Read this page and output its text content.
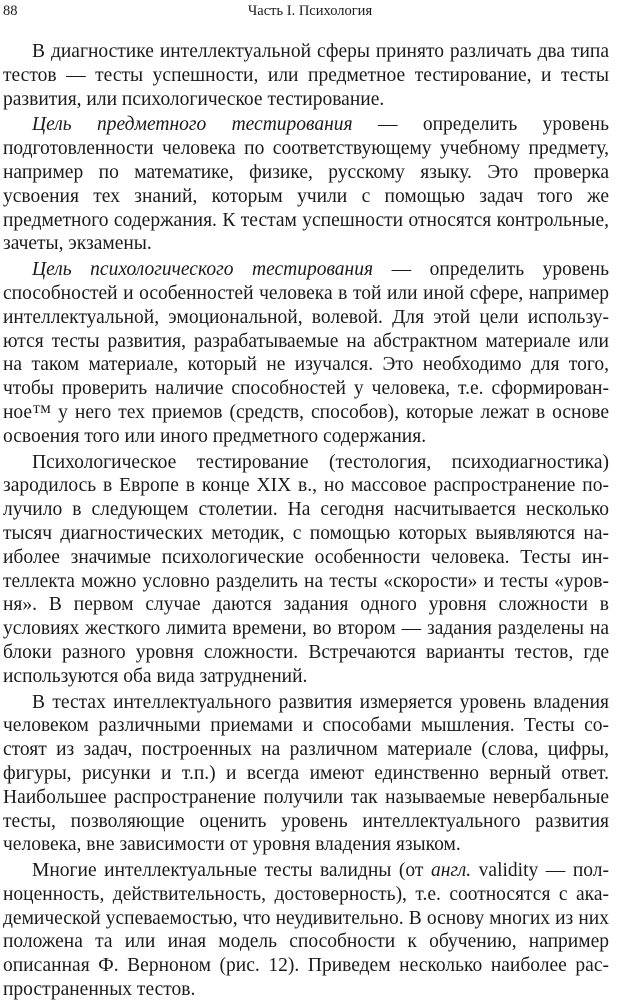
88	Часть I. Психология

В диагностике интеллектуальной сферы принято различать два типа тестов — тесты успешности, или предметное тестирование, и тесты развития, или психологическое тестирование.

Цель предметного тестирования — определить уровень подготовленности человека по соответствующему учебному предмету, например по математике, физике, русскому языку. Это проверка усвоения тех знаний, которым учили с помощью задач того же предметного содержания. К тестам успешности относятся контрольные, зачеты, экзамены.

Цель психологического тестирования — определить уровень способностей и особенностей человека в той или иной сфере, например интеллектуальной, эмоциональной, волевой. Для этой цели используются тесты развития, разрабатываемые на абстрактном материале или на таком материале, который не изучался. Это необходимо для того, чтобы проверить наличие способностей у человека, т.е. сформированное™ у него тех приемов (средств, способов), которые лежат в основе освоения того или иного предметного содержания.

Психологическое тестирование (тестология, психодиагностика) зародилось в Европе в конце XIX в., но массовое распространение получило в следующем столетии. На сегодня насчитывается несколько тысяч диагностических методик, с помощью которых выявляются наиболее значимые психологические особенности человека. Тесты интеллекта можно условно разделить на тесты «скорости» и тесты «уровня». В первом случае даются задания одного уровня сложности в условиях жесткого лимита времени, во втором — задания разделены на блоки разного уровня сложности. Встречаются варианты тестов, где используются оба вида затруднений.

В тестах интеллектуального развития измеряется уровень владения человеком различными приемами и способами мышления. Тесты состоят из задач, построенных на различном материале (слова, цифры, фигуры, рисунки и т.п.) и всегда имеют единственно верный ответ. Наибольшее распространение получили так называемые невербальные тесты, позволяющие оценить уровень интеллектуального развития человека, вне зависимости от уровня владения языком.

Многие интеллектуальные тесты валидны (от англ. validity — полноценность, действительность, достоверность), т.е. соотносятся с академической успеваемостью, что неудивительно. В основу многих из них положена та или иная модель способности к обучению, например описанная Ф. Верноном (рис. 12). Приведем несколько наиболее распространенных тестов.
